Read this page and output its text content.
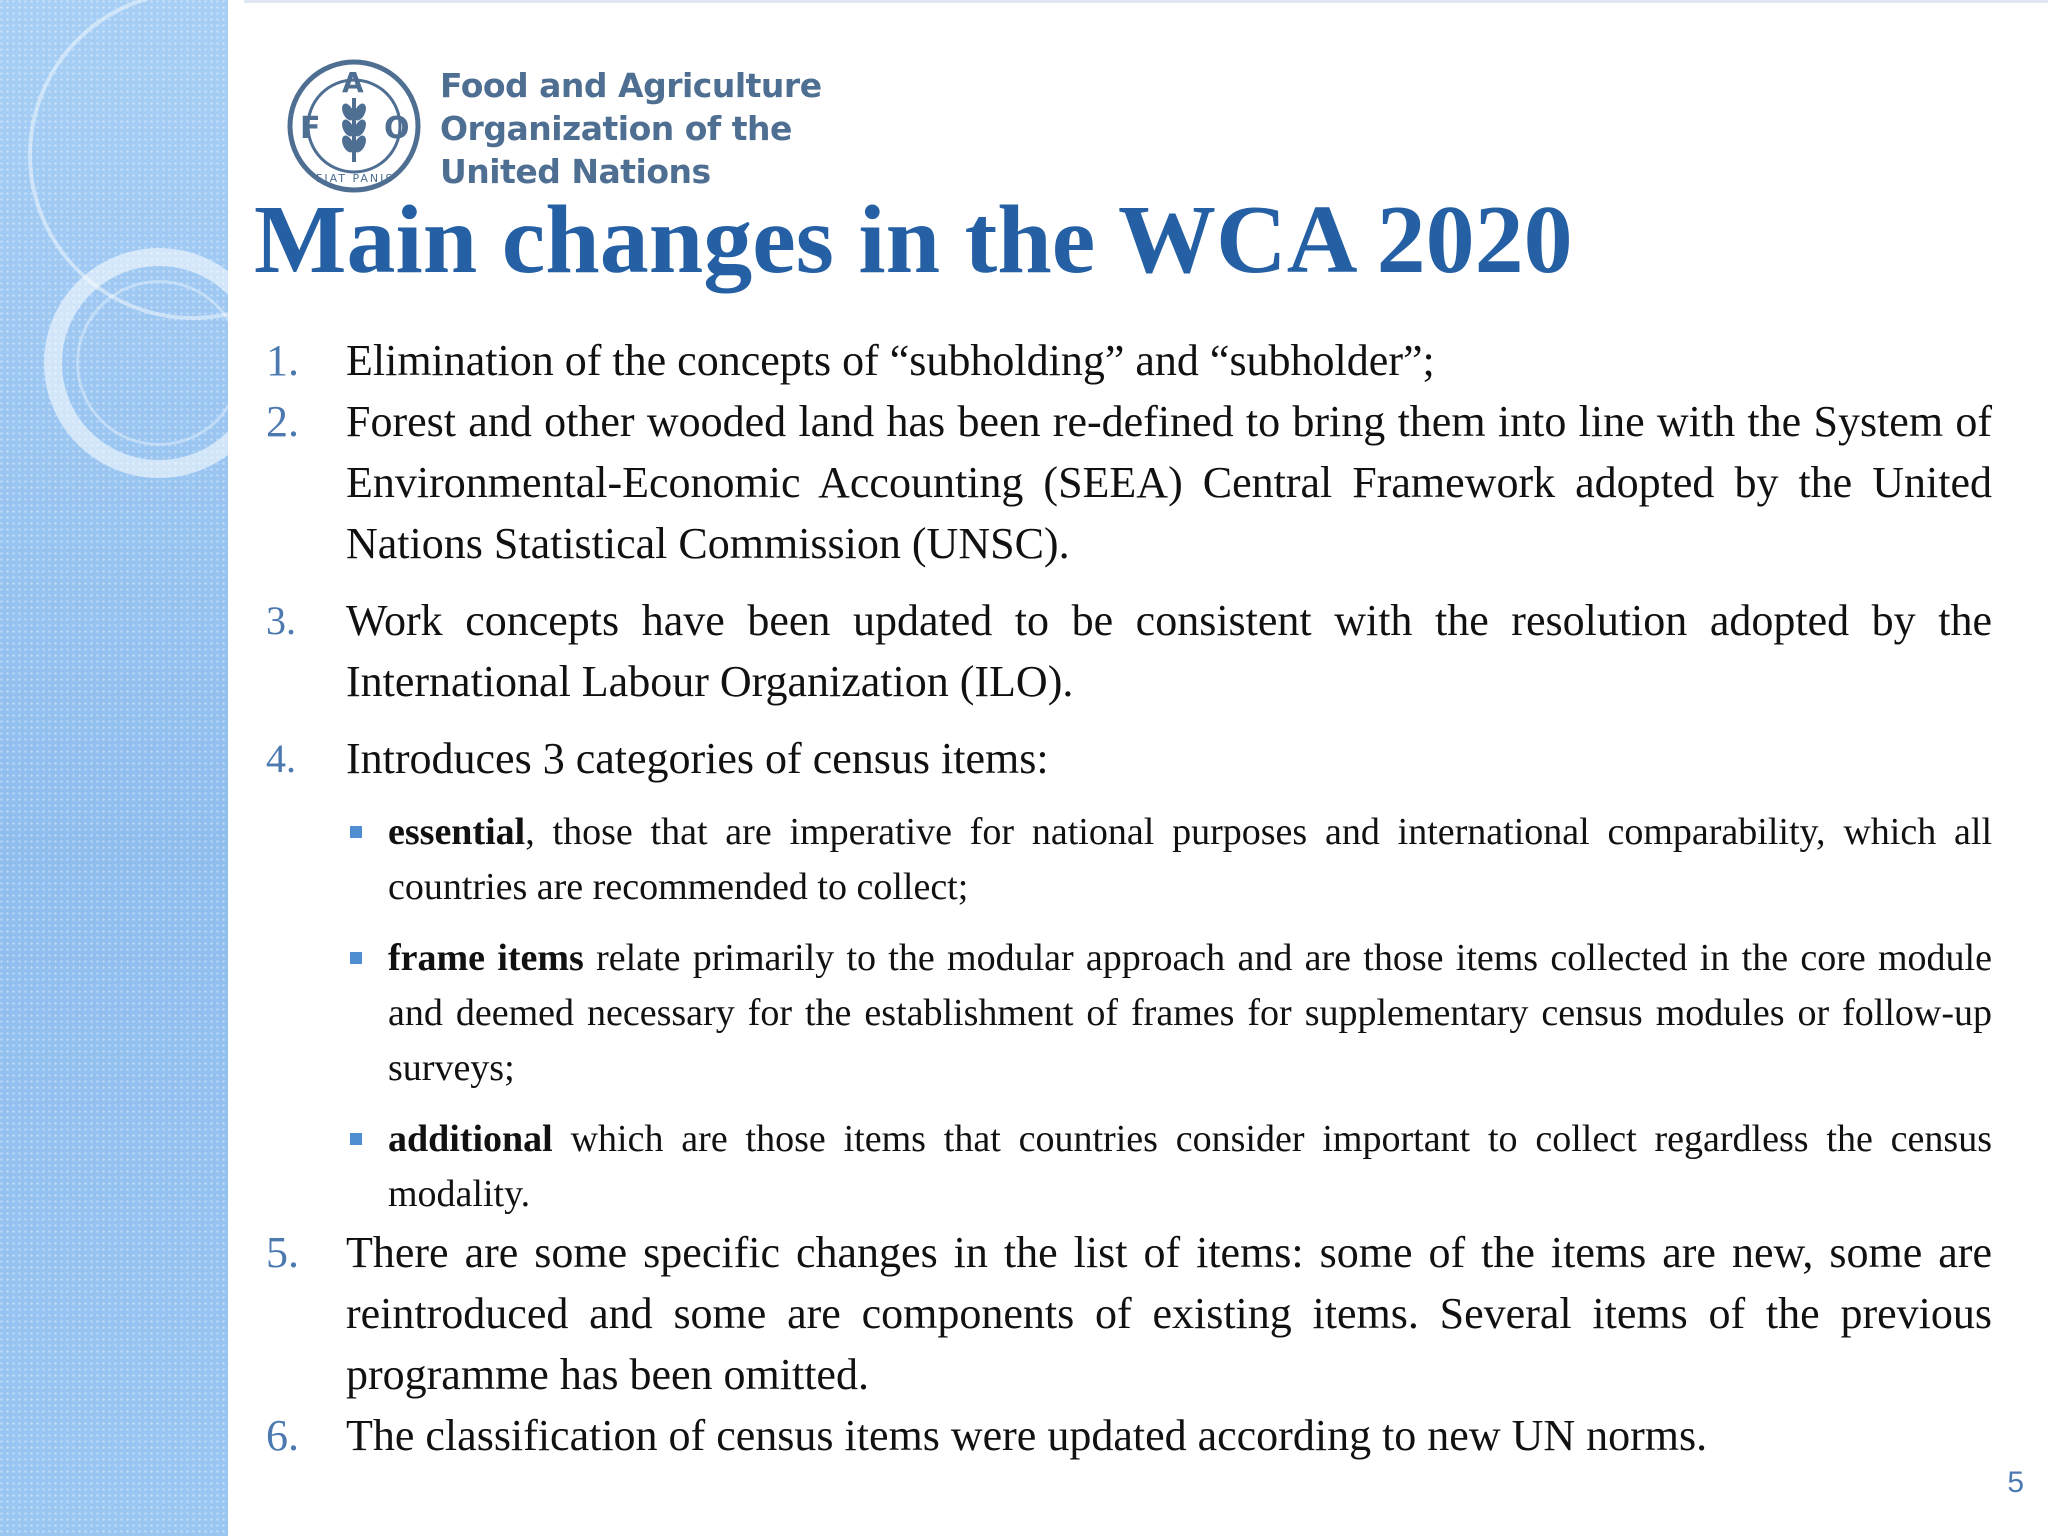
F
A
O
FIAT PANIS
Food and Agriculture
Organization of the
United Nations
Main changes in the WCA 2020
1.	Elimination of the concepts of “subholding” and “subholder”;
2.	Forest and other wooded land has been re-defined to bring them into line with the System of Environmental-Economic Accounting (SEEA) Central Framework adopted by the United Nations Statistical Commission (UNSC).
3.	Work concepts have been updated to be consistent with the resolution adopted by the International Labour Organization (ILO).
4.	Introduces 3 categories of census items:
essential, those that are imperative for national purposes and international comparability, which all countries are recommended to collect;
frame items relate primarily to the modular approach and are those items collected in the core module and deemed necessary for the establishment of frames for supplementary census modules or follow-up surveys;
additional which are those items that countries consider important to collect regardless the census modality.
5.	There are some specific changes in the list of items: some of the items are new, some are reintroduced and some are components of existing items. Several items of the previous programme has been omitted.
6.	The classification of census items were updated according to new UN norms.
5
